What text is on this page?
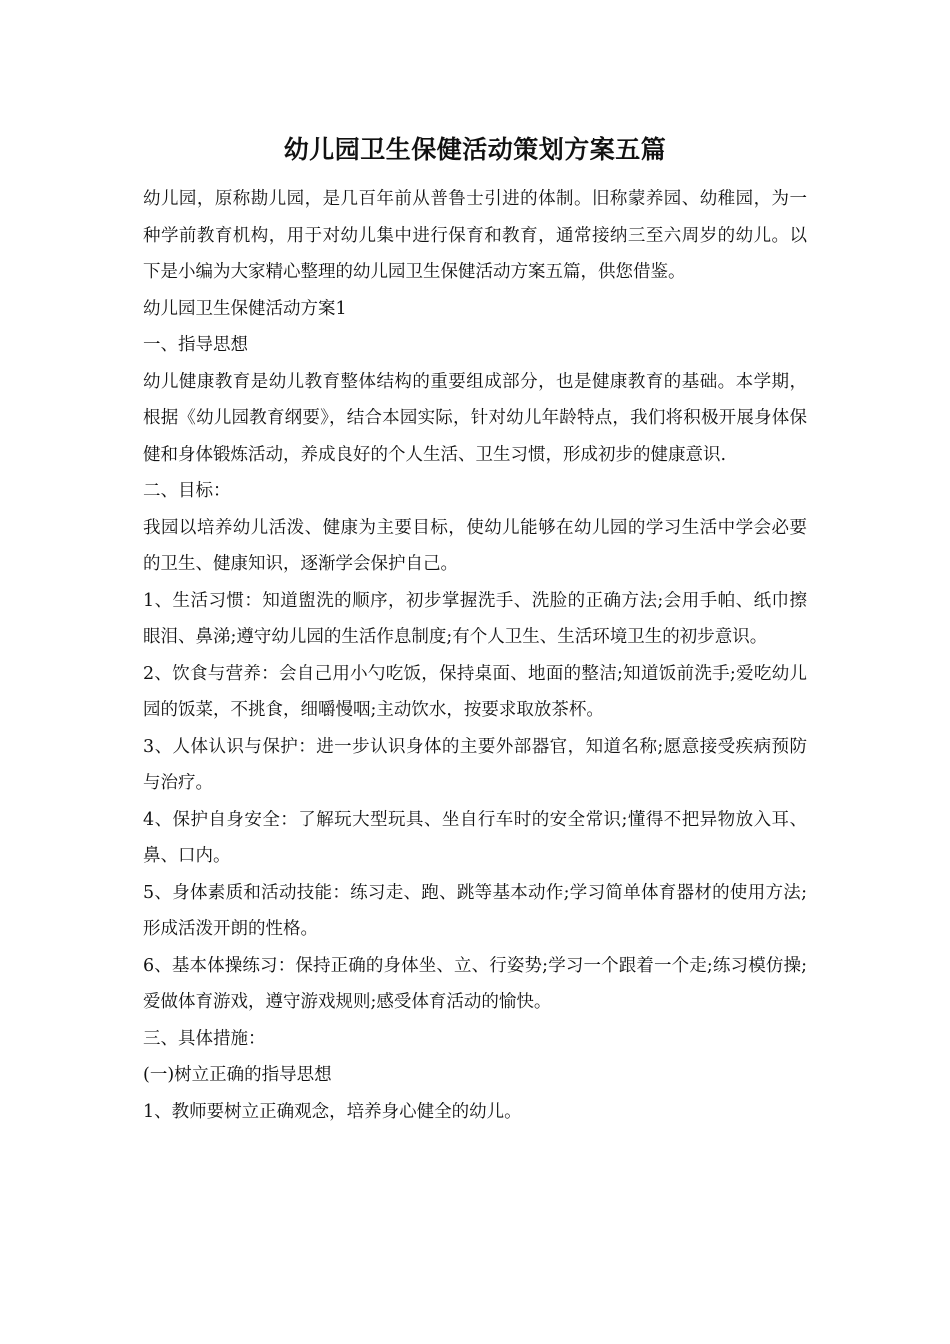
幼儿园卫生保健活动策划方案五篇

幼儿园，原称勘儿园，是几百年前从普鲁士引进的体制。旧称蒙养园、幼稚园，为一种学前教育机构，用于对幼儿集中进行保育和教育，通常接纳三至六周岁的幼儿。以下是小编为大家精心整理的幼儿园卫生保健活动方案五篇，供您借鉴。

幼儿园卫生保健活动方案1

一、指导思想

幼儿健康教育是幼儿教育整体结构的重要组成部分，也是健康教育的基础。本学期，根据《幼儿园教育纲要》，结合本园实际，针对幼儿年龄特点，我们将积极开展身体保健和身体锻炼活动，养成良好的个人生活、卫生习惯，形成初步的健康意识.

二、目标：

我园以培养幼儿活泼、健康为主要目标，使幼儿能够在幼儿园的学习生活中学会必要的卫生、健康知识，逐渐学会保护自己。

1、生活习惯：知道盥洗的顺序，初步掌握洗手、洗脸的正确方法;会用手帕、纸巾擦眼泪、鼻涕;遵守幼儿园的生活作息制度;有个人卫生、生活环境卫生的初步意识。

2、饮食与营养：会自己用小勺吃饭，保持桌面、地面的整洁;知道饭前洗手;爱吃幼儿园的饭菜，不挑食，细嚼慢咽;主动饮水，按要求取放茶杯。

3、人体认识与保护：进一步认识身体的主要外部器官，知道名称;愿意接受疾病预防与治疗。

4、保护自身安全：了解玩大型玩具、坐自行车时的安全常识;懂得不把异物放入耳、鼻、口内。

5、身体素质和活动技能：练习走、跑、跳等基本动作;学习简单体育器材的使用方法;形成活泼开朗的性格。

6、基本体操练习：保持正确的身体坐、立、行姿势;学习一个跟着一个走;练习模仿操;爱做体育游戏，遵守游戏规则;感受体育活动的愉快。

三、具体措施：

(一)树立正确的指导思想

1、教师要树立正确观念，培养身心健全的幼儿。
